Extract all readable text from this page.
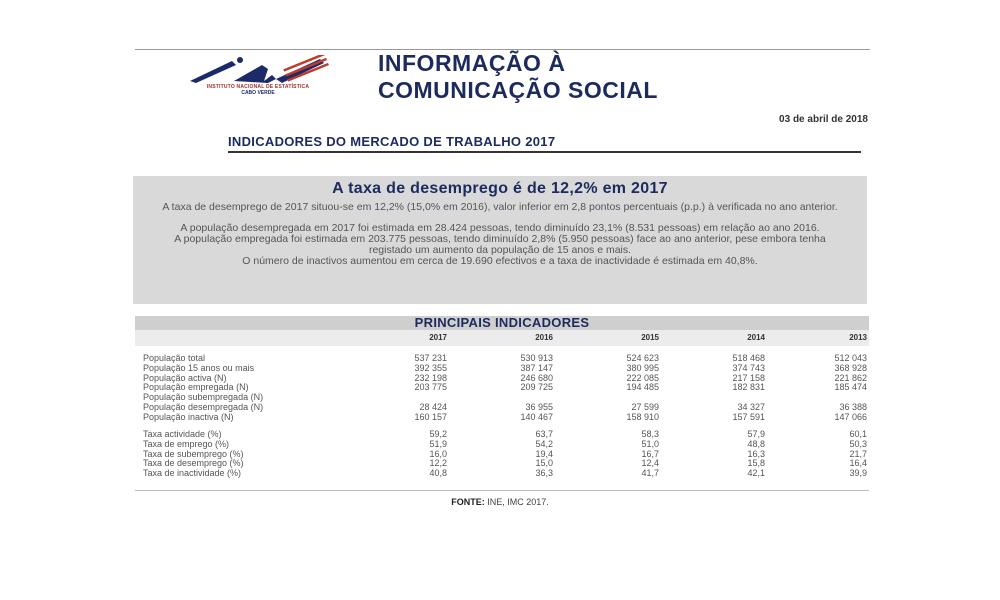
INSTITUTO NACIONAL DE ESTATÍSTICA
CABO VERDE
INFORMAÇÃO À
COMUNICAÇÃO SOCIAL
03 de abril de 2018
INDICADORES DO MERCADO DE TRABALHO 2017
A taxa de desemprego é de 12,2% em 2017

A taxa de desemprego de 2017 situou-se em 12,2% (15,0% em 2016), valor inferior em 2,8 pontos percentuais (p.p.) à verificada no ano anterior.

A população desempregada em 2017 foi estimada em 28.424 pessoas, tendo diminuído 23,1% (8.531 pessoas) em relação ao ano 2016.

A população empregada foi estimada em 203.775 pessoas, tendo diminuído 2,8% (5.950 pessoas) face ao ano anterior, pese embora tenha registado um aumento da população de 15 anos e mais.

O número de inactivos aumentou em cerca de 19.690 efectivos e a taxa de inactividade é estimada em 40,8%.

PRINCIPAIS INDICADORES
2017	2016	2015	2014	2013
População total	537 231	530 913	524 623	518 468	512 043
População 15 anos ou mais	392 355	387 147	380 995	374 743	368 928
População activa (N)	232 198	246 680	222 085	217 158	221 862
População empregada (N)	203 775	209 725	194 485	182 831	185 474
População subempregada (N)
População desempregada (N)	28 424	36 955	27 599	34 327	36 388
População inactiva (N)	160 157	140 467	158 910	157 591	147 066
Taxa actividade (%)	59,2	63,7	58,3	57,9	60,1
Taxa de emprego (%)	51,9	54,2	51,0	48,8	50,3
Taxa de subemprego (%)	16,0	19,4	16,7	16,3	21,7
Taxa de desemprego (%)	12,2	15,0	12,4	15,8	16,4
Taxa de inactividade (%)	40,8	36,3	41,7	42,1	39,9
FONTE: INE, IMC 2017.
